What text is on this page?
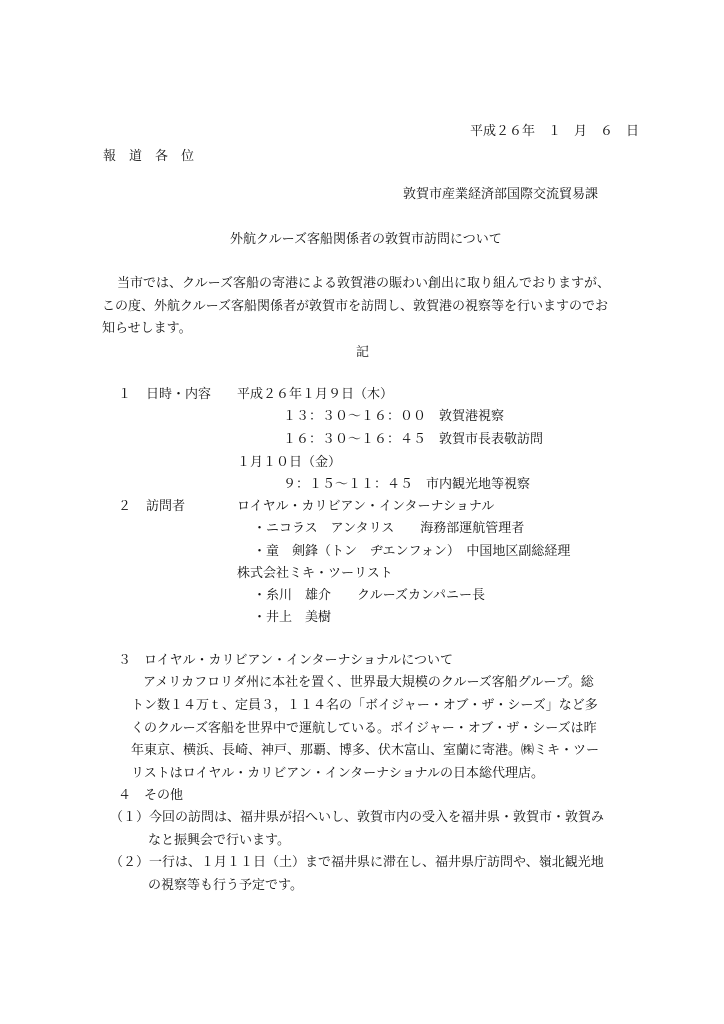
平成２６年　１　月　６　日
報　道　各　位
敦賀市産業経済部国際交流貿易課
外航クルーズ客船関係者の敦賀市訪問について
当市では、クルーズ客船の寄港による敦賀港の賑わい創出に取り組んでおりますが、
この度、外航クルーズ客船関係者が敦賀市を訪問し、敦賀港の視察等を行いますのでお
知らせします。
記
１ 日時・内容 平成２６年１月９日（木）
１３：３０～１６：００　敦賀港視察
１６：３０～１６：４５　敦賀市長表敬訪問
１月１０日（金）
９：１５～１１：４５　市内観光地等視察
２ 訪問者	ロイヤル・カリビアン・インターナショナル
・ニコラス　アンタリス　　海務部運航管理者
・童　剣鋒（トン　ヂエンフォン）　中国地区副総経理
株式会社ミキ・ツーリスト
・糸川　雄介　　クルーズカンパニー長
・井上　美樹
３　ロイヤル・カリビアン・インターナショナルについて
アメリカフロリダ州に本社を置く、世界最大規模のクルーズ客船グループ。総
トン数１４万ｔ、定員３，１１４名の「ボイジャー・オブ・ザ・シーズ」など多
くのクルーズ客船を世界中で運航している。ボイジャー・オブ・ザ・シーズは昨
年東京、横浜、長崎、神戸、那覇、博多、伏木富山、室蘭に寄港。㈱ミキ・ツー
リストはロイヤル・カリビアン・インターナショナルの日本総代理店。
４　その他
（１）今回の訪問は、福井県が招へいし、敦賀市内の受入を福井県・敦賀市・敦賀み
なと振興会で行います。
（２）一行は、１月１１日（土）まで福井県に滞在し、福井県庁訪問や、嶺北観光地
の視察等も行う予定です。
